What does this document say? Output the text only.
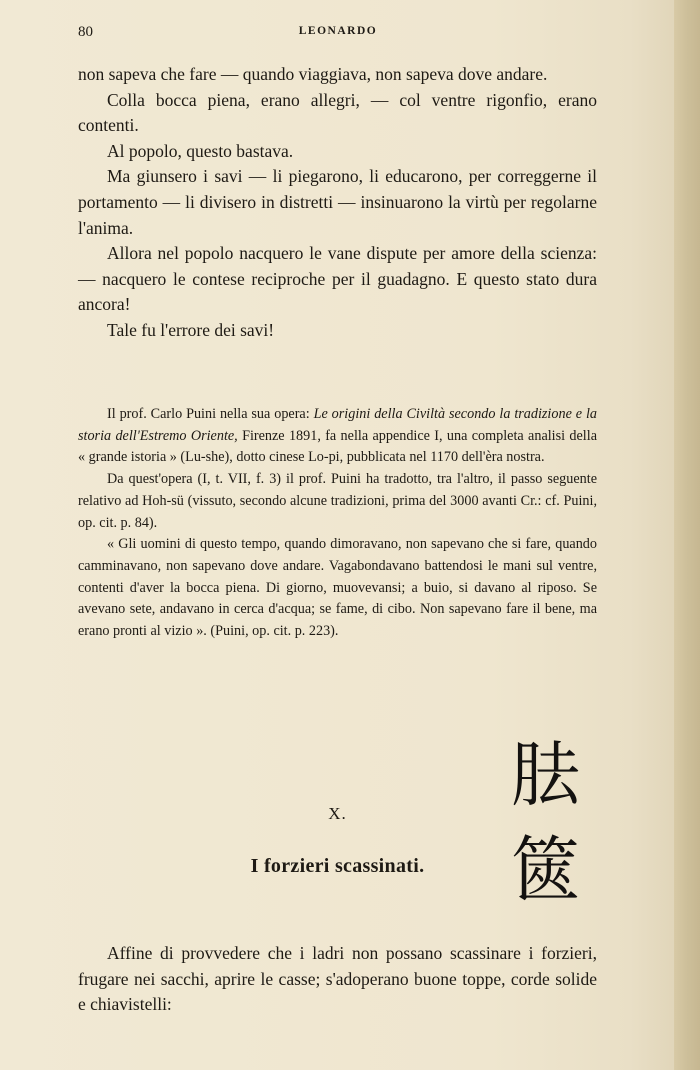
80	LEONARDO

non sapeva che fare — quando viaggiava, non sapeva dove andare.

Colla bocca piena, erano allegri, — col ventre rigonfio, erano contenti.

Al popolo, questo bastava.

Ma giunsero i savi — li piegarono, li educarono, per correggerne il portamento — li divisero in distretti — insinuarono la virtù per regolarne l'anima.

Allora nel popolo nacquero le vane dispute per amore della scienza: — nacquero le contese reciproche per il guadagno. E questo stato dura ancora!

Tale fu l'errore dei savi!

Il prof. Carlo Puini nella sua opera: Le origini della Civiltà secondo la tradizione e la storia dell'Estremo Oriente, Firenze 1891, fa nella appendice I, una completa analisi della « grande istoria » (Lu-she), dotto cinese Lo-pi, pubblicata nel 1170 dell'èra nostra.

Da quest'opera (I, t. VII, f. 3) il prof. Puini ha tradotto, tra l'altro, il passo seguente relativo ad Hoh-sü (vissuto, secondo alcune tradizioni, prima del 3000 avanti Cr.: cf. Puini, op. cit. p. 84).

« Gli uomini di questo tempo, quando dimoravano, non sapevano che si fare, quando camminavano, non sapevano dove andare. Vagabondavano battendosi le mani sul ventre, contenti d'aver la bocca piena. Di giorno, muovevansi; a buio, si davano al riposo. Se avevano sete, andavano in cerca d'acqua; se fame, di cibo. Non sapevano fare il bene, ma erano pronti al vizio ». (Puini, op. cit. p. 223).

X.
I forzieri scassinati.
胠
篋

Affine di provvedere che i ladri non possano scassinare i forzieri, frugare nei sacchi, aprire le casse; s'adoperano buone toppe, corde solide e chiavistelli:
